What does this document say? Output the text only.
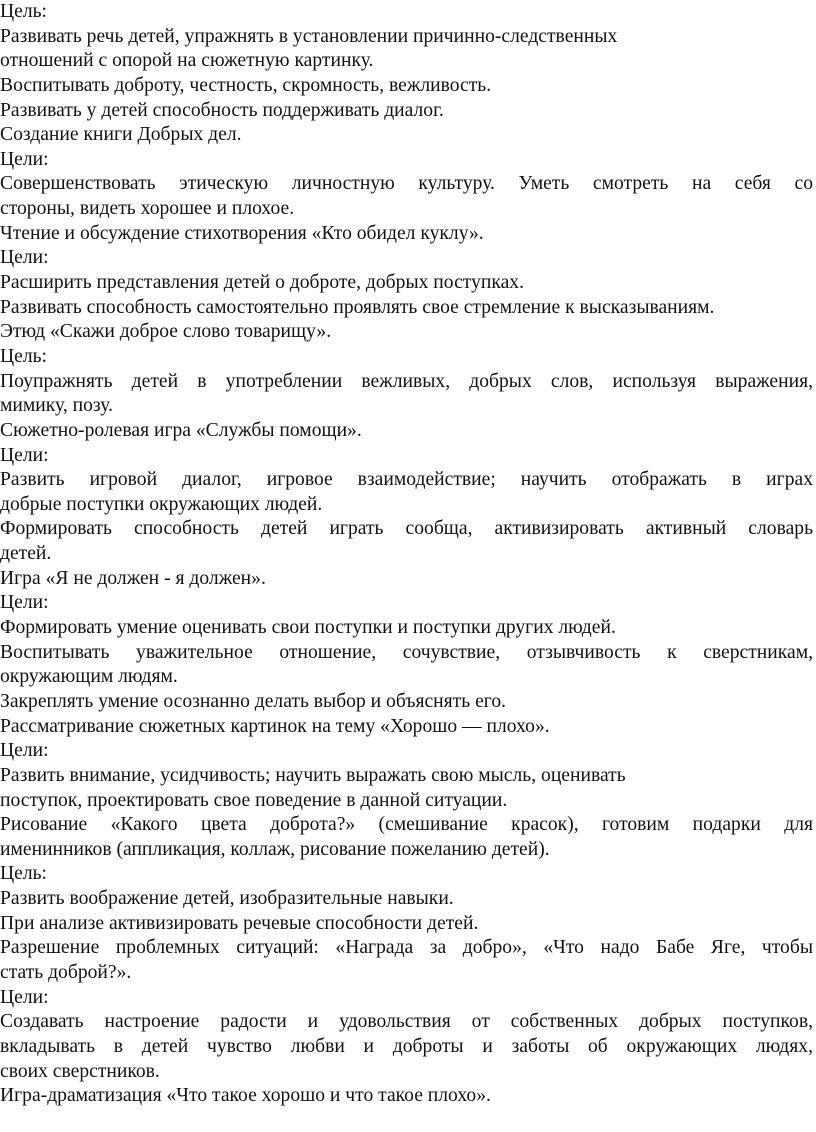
Цель:
Развивать речь детей, упражнять в установлении причинно-следственных
отношений с опорой на сюжетную картинку.
Воспитывать доброту, честность, скромность, вежливость.
Развивать у детей способность поддерживать диалог.
Создание книги Добрых дел.
Цели:
Совершенствовать этическую личностную культуру. Уметь смотреть на себя со
стороны, видеть хорошее и плохое.
Чтение и обсуждение стихотворения «Кто обидел куклу».
Цели:
Расширить представления детей о доброте, добрых поступках.
Развивать способность самостоятельно проявлять свое стремление к высказываниям.
Этюд «Скажи доброе слово товарищу».
Цель:
Поупражнять детей в употреблении вежливых, добрых слов, используя выражения,
мимику, позу.
Сюжетно-ролевая игра «Службы помощи».
Цели:
Развить игровой диалог, игровое взаимодействие; научить отображать в играх
добрые поступки окружающих людей.
Формировать способность детей играть сообща, активизировать активный словарь
детей.
Игра «Я не должен - я должен».
Цели:
Формировать умение оценивать свои поступки и поступки других людей.
Воспитывать уважительное отношение, сочувствие, отзывчивость к сверстникам,
окружающим людям.
Закреплять умение осознанно делать выбор и объяснять его.
Рассматривание сюжетных картинок на тему «Хорошо — плохо».
Цели:
Развить внимание, усидчивость; научить выражать свою мысль, оценивать
поступок, проектировать свое поведение в данной ситуации.
Рисование «Какого цвета доброта?» (смешивание красок), готовим подарки для
именинников (аппликация, коллаж, рисование пожеланию детей).
Цель:
Развить воображение детей, изобразительные навыки.
При анализе активизировать речевые способности детей.
Разрешение проблемных ситуаций: «Награда за добро», «Что надо Бабе Яге, чтобы
стать доброй?».
Цели:
Создавать настроение радости и удовольствия от собственных добрых поступков,
вкладывать в детей чувство любви и доброты и заботы об окружающих людях,
своих сверстников.
Игра-драматизация «Что такое хорошо и что такое плохо».
